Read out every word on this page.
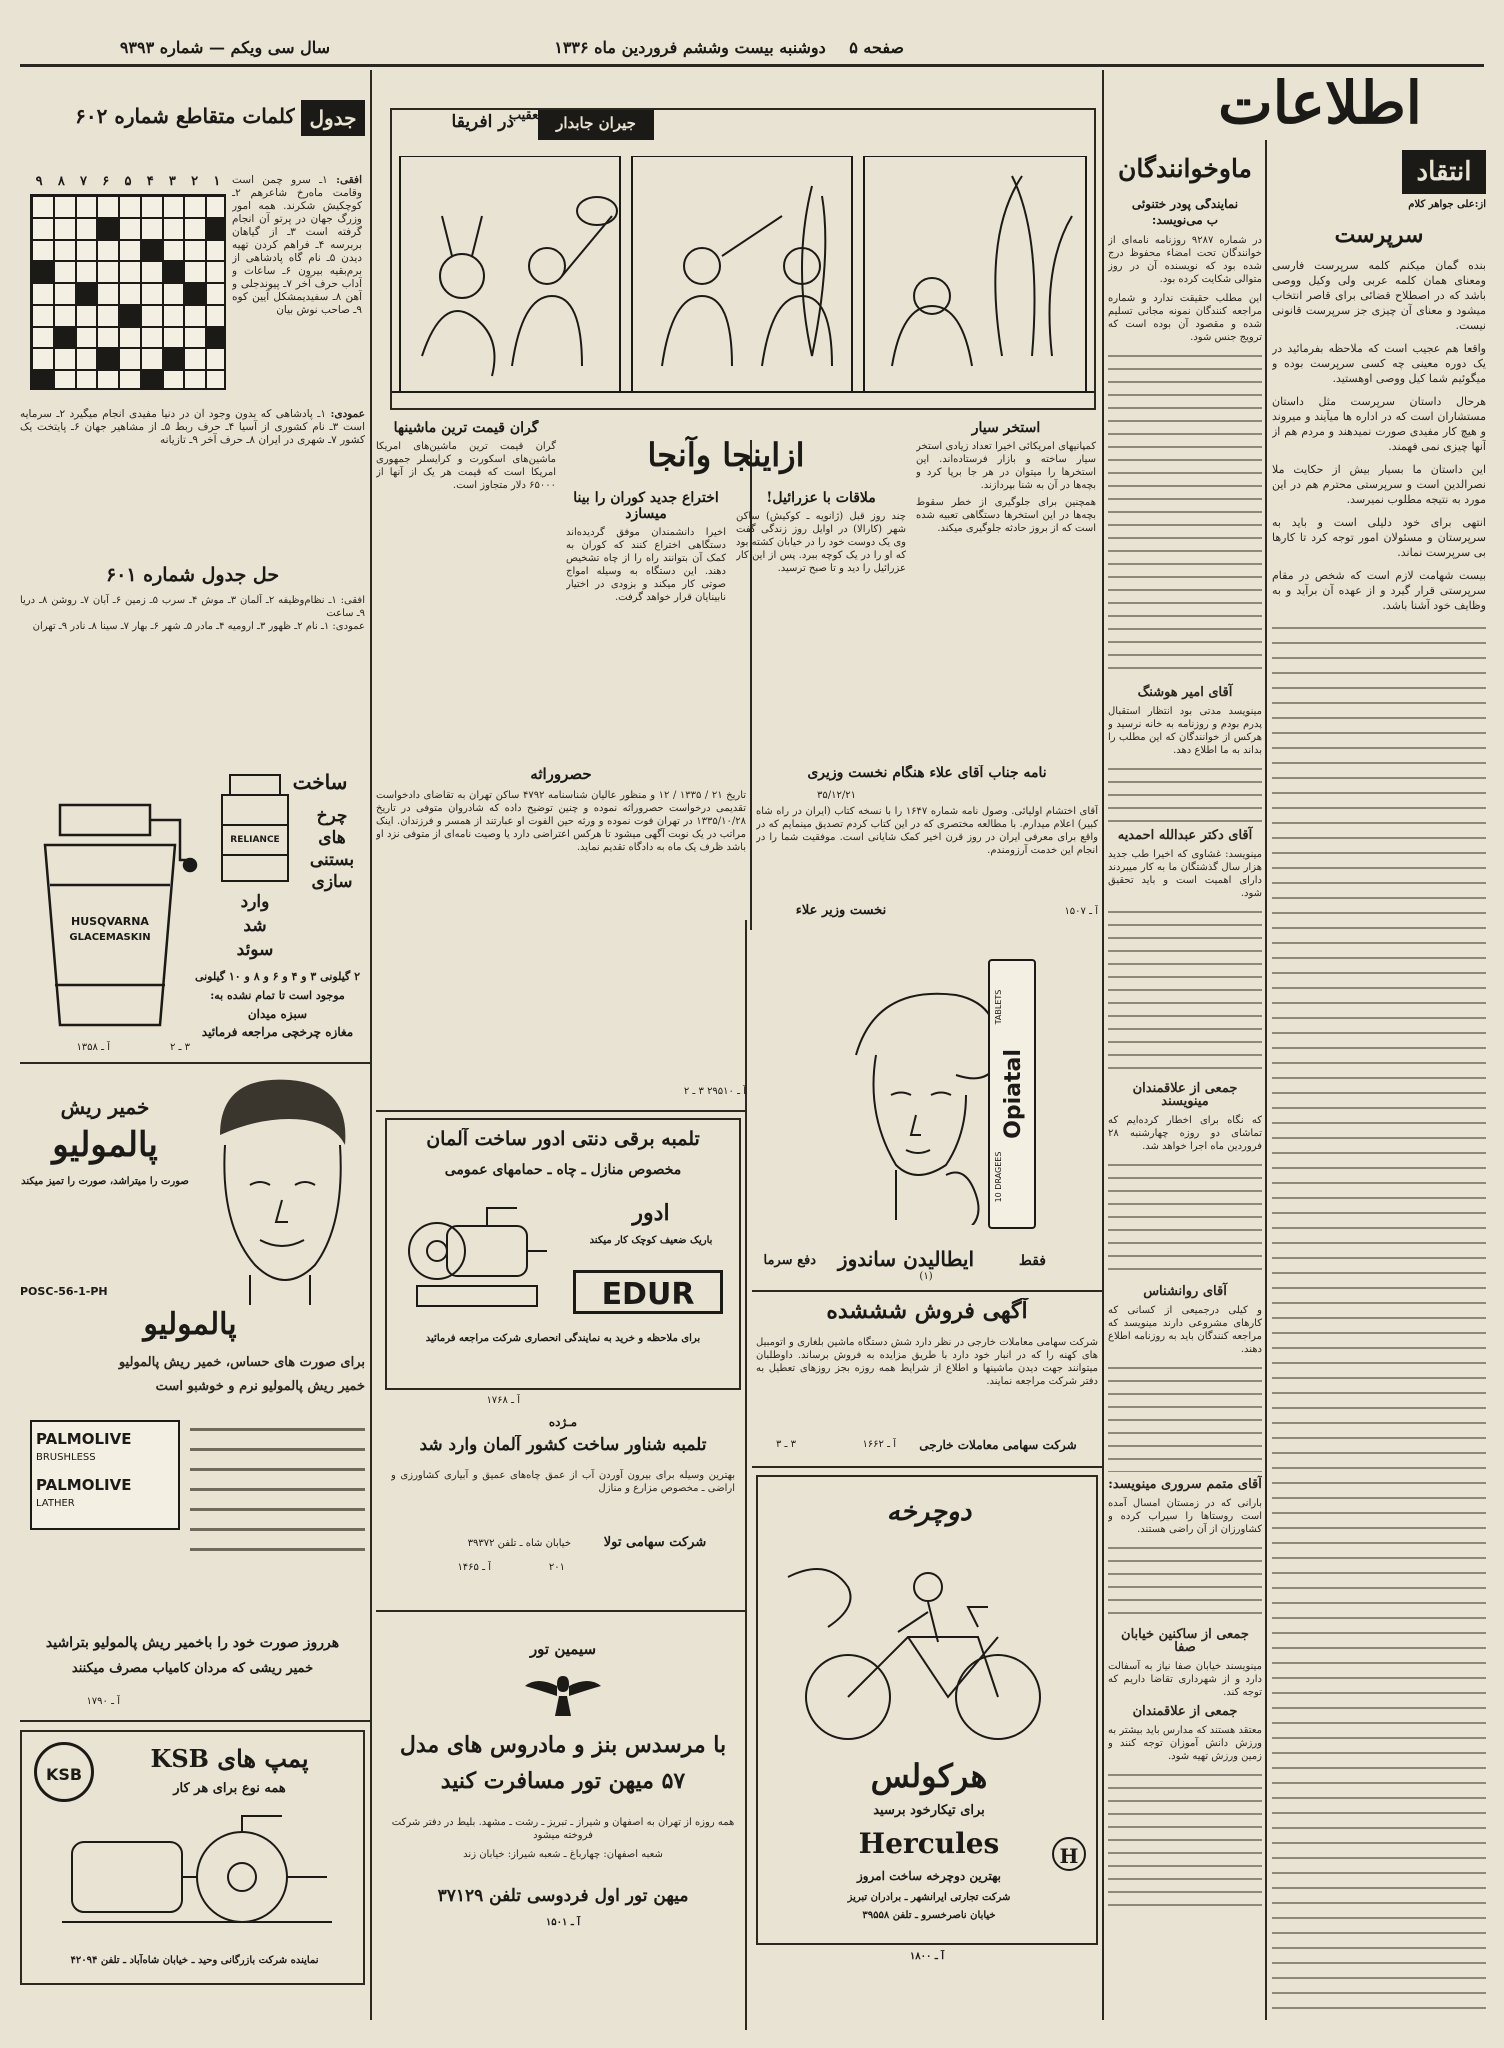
صفحه ۵
دوشنبه بیست وششم فروردین ماه ۱۳۳۶
سال سی ویکم — شماره ۹۳۹۳
اطلاعات
انتقاد
از:علی جواهر کلام
سرپرست

بنده گمان میکنم کلمه سرپرست فارسی ومعنای همان کلمه عربی ولی وکیل ووصی باشد که در اصطلاح قضائی برای قاصر انتخاب میشود و معنای آن چیزی جز سرپرست قانونی نیست.

واقعا هم عجیب است که ملاحظه بفرمائید در یک دوره معینی چه کسی سرپرست بوده و میگوئیم شما کیل ووصی اوهستید.

هرحال داستان سرپرست مثل داستان مستشاران است که در اداره ها میآیند و میروند و هیچ کار مفیدی صورت نمیدهند و مردم هم از آنها چیزی نمی فهمند.

این داستان ما بسیار بیش از حکایت ملا نصرالدین است و سرپرستی محترم هم در این مورد به نتیجه مطلوب نمیرسد.

انتهی برای خود دلیلی است و باید به سرپرستان و مسئولان امور توجه کرد تا کارها بی سرپرست نماند.

بیست شهامت لازم است که شخص در مقام سرپرستی قرار گیرد و از عهده آن برآید و به وظایف خود آشنا باشد.

ماوخوانندگان
نمایندگی پودر ختنوئی
ب‌ می‌نویسد:

در شماره ۹۲۸۷ روزنامه نامه‌ای از خوانندگان تحت امضاء محفوظ درج شده بود که نویسنده آن در روز متوالی شکایت کرده بود.

این مطلب حقیقت ندارد و شماره مراجعه کنندگان نمونه مجانی تسلیم شده و مقصود آن بوده است که ترویج جنس شود.

آقای امیر هوشنگ

مینویسد مدتی بود انتظار استقبال پدرم بودم و روزنامه به خانه نرسید و هرکس از خوانندگان که این مطلب را بداند به ما اطلاع دهد.

آقای دکتر عبدالله احمدیه

مینویسد: غشاوی که اخیرا طب جدید هزار سال گذشتگان ما به کار میبردند دارای اهمیت است و باید تحقیق شود.

جمعی از علاقمندان مینویسند

که نگاه برای اخطار کرده‌ایم که تماشای دو روزه چهارشنبه ۲۸ فروردین ماه اجرا خواهد شد.

آقای روانشناس

و کیلی درجمیعی از کسانی که کارهای مشروعی دارند مینویسد که مراجعه کنندگان باید به روزنامه اطلاع دهند.

آقای متمم سروری مینویسد:

بارانی که در زمستان امسال آمده است روستاها را سیراب کرده و کشاورزان از آن راضی هستند.

جمعی از ساکنین خیابان صفا

مینویسند خیابان صفا نیاز به آسفالت دارد و از شهرداری تقاضا داریم که توجه کند.

جمعی از علاقمندان

معتقد هستند که مدارس باید بیشتر به ورزش دانش آموزان توجه کنند و زمین ورزش تهیه شود.

جیران جابدار
در افریقا
تعقیب
جدول
کلمات متقاطع شماره ۶۰۲
۹ ۸ ۷ ۶ ۵ ۴ ۳ ۲ ۱	افقی: ۱ـ سرو چمن است وقامت ماه‌رخ شاعرهم ۲ـ کوچکیش شکرند. همه امور وزرگ جهان در پرتو آن انجام گرفته است ۳ـ از گیاهان بربرسه ۴ـ فراهم کردن تهیه دیدن ۵ـ نام گاه پادشاهی از برم‌بقیه بیرون ۶ـ ساعات و آداب حرف آخر ۷ـ پیوندجلی و آهن ۸ـ سفیدیمشکل آیین کوه ۹ـ صاحب نوش بیان
عمودی: ۱ـ پادشاهی که بدون وجود آن در دنیا مفیدی انجام میگیرد ۲ـ سرمایه است ۳ـ نام کشوری از آسیا ۴ـ حرف ربط ۵ـ از مشاهیر جهان ۶ـ پایتخت یک کشور ۷ـ شهری در ایران ۸ـ حرف آخر ۹ـ تازیانه
حل جدول شماره ۶۰۱
افقی: ۱ـ نظام‌وظیفه ۲ـ آلمان ۳ـ موش ۴ـ سرب ۵ـ زمین ۶ـ آبان ۷ـ روشن ۸ـ دریا ۹ـ ساعت
عمودی: ۱ـ نام ۲ـ ظهور ۳ـ ارومیه ۴ـ مادر ۵ـ شهر ۶ـ بهار ۷ـ سینا ۸ـ نادر ۹ـ تهران
ازاینجا وآنجا
استخر سیار

کمپانیهای امریکائی اخیرا تعداد زیادی استخر سیار ساخته و بازار فرستاده‌اند. این استخرها را میتوان در هر جا برپا کرد و بچه‌ها در آن به شنا بپردازند.

همچنین برای جلوگیری از خطر سقوط بچه‌ها در این استخرها دستگاهی تعبیه شده است که از بروز حادثه جلوگیری میکند.

ملاقات با عزرائیل!

چند روز قبل (ژانویه ـ کوکیش) ساکن شهر (کارالا) در اوایل روز زندگی گفت وی یک دوست خود را در خیابان کشته بود که او را در یک کوچه ببرد. پس از این کار عزرائیل را دید و تا صبح ترسید.

اختراع جدید کوران را بینا میسازد

اخیرا دانشمندان موفق گردیده‌اند دستگاهی اختراع کنند که کوران به کمک آن بتوانند راه را از چاه تشخیص دهند. این دستگاه به وسیله امواج صوتی کار میکند و بزودی در اختیار نابینایان قرار خواهد گرفت.

گران قیمت ترین ماشینها

گران قیمت ترین ماشین‌های امریکا ماشین‌های اسکورت و کرایسلر جمهوری امریکا است که قیمت هر یک از آنها از ۶۵۰۰۰ دلار متجاوز است.

HUSQVARNA
GLACEMASKIN
RELIANCE
ساخت
چرخ
های
بستنی
سازی
وارد
شد
سوئد
۲ گیلونی ۳ و ۴ و ۶ و ۸ و ۱۰ گیلونی
موجود است تا تمام نشده به:
سبزه میدان
مغازه چرخچی مراجعه فرمائید
آ ـ ۱۳۵۸	۳ ـ ۲
حصروراثه
تاریخ ۲۱ / ۱۳۳۵ / ۱۲ و منظور عالیان شناسنامه ۴۷۹۲ ساکن تهران به تقاضای دادخواست تقدیمی درخواست حصروراثه نموده و چنین توضیح داده که شادروان متوفی در تاریخ ۱۳۳۵/۱۰/۲۸ در تهران فوت نموده و ورثه حین الفوت او عبارتند از همسر و فرزندان. اینک مراتب در یک نوبت آگهی میشود تا هرکس اعتراضی دارد یا وصیت نامه‌ای از متوفی نزد او باشد ظرف یک ماه به دادگاه تقدیم نماید.
آ ـ ۲۹۵۱۰ ۳ ـ ۲
نامه جناب آقای علاء هنگام نخست وزیری
۳۵/۱۲/۲۱
آقای اختشام اولیائی. وصول نامه شماره ۱۶۴۷ را با نسخه کتاب (ایران در راه شاه کبیر) اعلام میدارم. با مطالعه مختصری که در این کتاب کردم تصدیق مینمایم که در واقع برای معرفی ایران در روز قرن اخیر کمک شایانی است. موفقیت شما را در انجام این خدمت آرزومندم.
نخست وزیر علاء	آ ـ ۱۵۰۷
Opiatal
TABLETS
10 DRAGEES
ایطالیدن ساندوز	فقط
دفع سرما
(۱)
آگهی فروش شششده
شرکت سهامی معاملات خارجی در نظر دارد شش دستگاه ماشین بلغاری و اتومبیل های کهنه را که در انبار خود دارد با طریق مزایده به فروش برساند. داوطلبان میتوانند جهت دیدن ماشینها و اطلاع از شرایط همه روزه بجز روزهای تعطیل به دفتر شرکت مراجعه نمایند.
۳ ـ ۳	آ ـ ۱۶۶۲	شرکت سهامی معاملات خارجی
دوچرخه
هرکولس
برای تیکارخود برسید
Hercules
بهترین دوچرخه ساخت امروز
شرکت تجارتی ایرانشهر ـ برادران تبریز
خیابان ناصرخسرو ـ تلفن ۳۹۵۵۸
H
آ ـ ۱۸۰۰
خمیر ریش
پالمولیو
صورت را میتراشد، صورت را تمیز میکند
POSC-56-1-PH
پالمولیو
برای صورت های حساس، خمیر ریش پالمولیو
خمیر ریش پالمولیو نرم و خوشبو است
PALMOLIVE
BRUSHLESS
PALMOLIVE
LATHER
هرروز صورت خود را باخمیر ریش پالمولیو بتراشید
خمیر ریشی که مردان کامیاب مصرف میکنند
آ ـ ۱۷۹۰
تلمبه برقی دنتی ادور ساخت آلمان
مخصوص منازل ـ چاه ـ حمامهای عمومی
ادور
باریک ضعیف کوچک کار میکند
EDUR
برای ملاحظه و خرید به نمایندگی انحصاری شرکت مراجعه فرمائید
آ ـ ۱۷۶۸
مـژده
تلمبه شناور ساخت کشور آلمان وارد شد
بهترین وسیله برای بیرون آوردن آب از عمق چاه‌های عمیق و آبیاری کشاورزی و اراضی ـ مخصوص مزارع و منازل
شرکت سهامی تولا
خیابان شاه ـ تلفن ۳۹۳۷۲
۲۰۱
آ ـ ۱۴۶۵
سیمین تور
با مرسدس بنز و مادروس های مدل
۵۷ میهن تور مسافرت کنید
همه روزه از تهران به اصفهان و شیراز ـ تبریز ـ رشت ـ مشهد. بلیط در دفتر شرکت فروخته میشود
شعبه اصفهان: چهارباغ ـ شعبه شیراز: خیابان زند
میهن تور اول فردوسی تلفن ۳۷۱۲۹
آ ـ ۱۵۰۱
KSB
پمپ های KSB
همه نوع برای هر کار
نماینده شرکت بازرگانی وحید ـ خیابان شاه‌آباد ـ تلفن ۴۲۰۹۴
